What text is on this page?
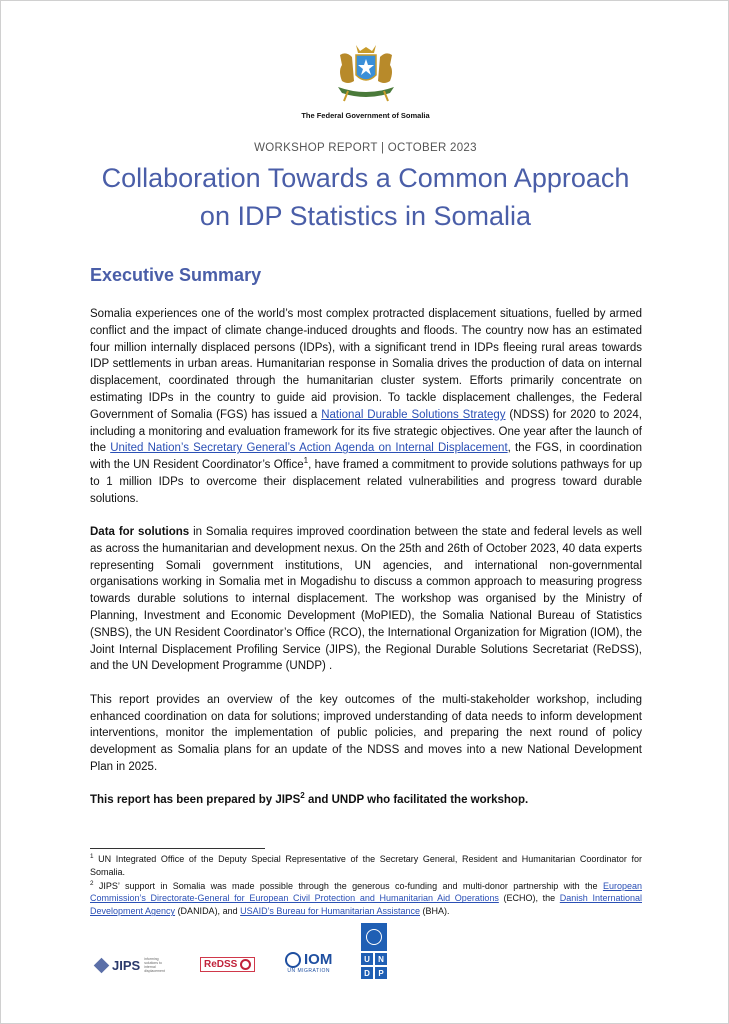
The Federal Government of Somalia
WORKSHOP REPORT | OCTOBER 2023
Collaboration Towards a Common Approach
on IDP Statistics in Somalia
Executive Summary

Somalia experiences one of the world’s most complex protracted displacement situations, fuelled by armed conflict and the impact of climate change-induced droughts and floods. The country now has an estimated four million internally displaced persons (IDPs), with a significant trend in IDPs fleeing rural areas towards IDP settlements in urban areas. Humanitarian response in Somalia drives the production of data on internal displacement, coordinated through the humanitarian cluster system. Efforts primarily concentrate on estimating IDPs in the country to guide aid provision. To tackle displacement challenges, the Federal Government of Somalia (FGS) has issued a National Durable Solutions Strategy (NDSS) for 2020 to 2024, including a monitoring and evaluation framework for its five strategic objectives. One year after the launch of the United Nation’s Secretary General’s Action Agenda on Internal Displacement, the FGS, in coordination with the UN Resident Coordinator’s Office$^1$, have framed a commitment to provide solutions pathways for up to 1 million IDPs to overcome their displacement related vulnerabilities and progress toward durable solutions.

Data for solutions in Somalia requires improved coordination between the state and federal levels as well as across the humanitarian and development nexus. On the 25th and 26th of October 2023, 40 data experts representing Somali government institutions, UN agencies, and international non-governmental organisations working in Somalia met in Mogadishu to discuss a common approach to measuring progress towards durable solutions to internal displacement. The workshop was organised by the Ministry of Planning, Investment and Economic Development (MoPIED), the Somalia National Bureau of Statistics (SNBS), the UN Resident Coordinator’s Office (RCO), the International Organization for Migration (IOM), the Joint Internal Displacement Profiling Service (JIPS), the Regional Durable Solutions Secretariat (ReDSS), and the UN Development Programme (UNDP) .

This report provides an overview of the key outcomes of the multi-stakeholder workshop, including enhanced coordination on data for solutions; improved understanding of data needs to inform development interventions, monitor the implementation of public policies, and preparing the next round of policy development as Somalia plans for an update of the NDSS and moves into a new National Development Plan in 2025.

This report has been prepared by JIPS$^2$ and UNDP who facilitated the workshop.

$^1$ UN Integrated Office of the Deputy Special Representative of the Secretary General, Resident and Humanitarian Coordinator for Somalia.

$^2$ JIPS’ support in Somalia was made possible through the generous co-funding and multi-donor partnership with the European Commission’s Directorate-General for European Civil Protection and Humanitarian Aid Operations (ECHO), the Danish International Development Agency (DANIDA), and USAID’s Bureau for Humanitarian Assistance (BHA).

JIPS informing solutions to internal displacement
ReDSS	IOM
UN MIGRATION
U	N
D	P
